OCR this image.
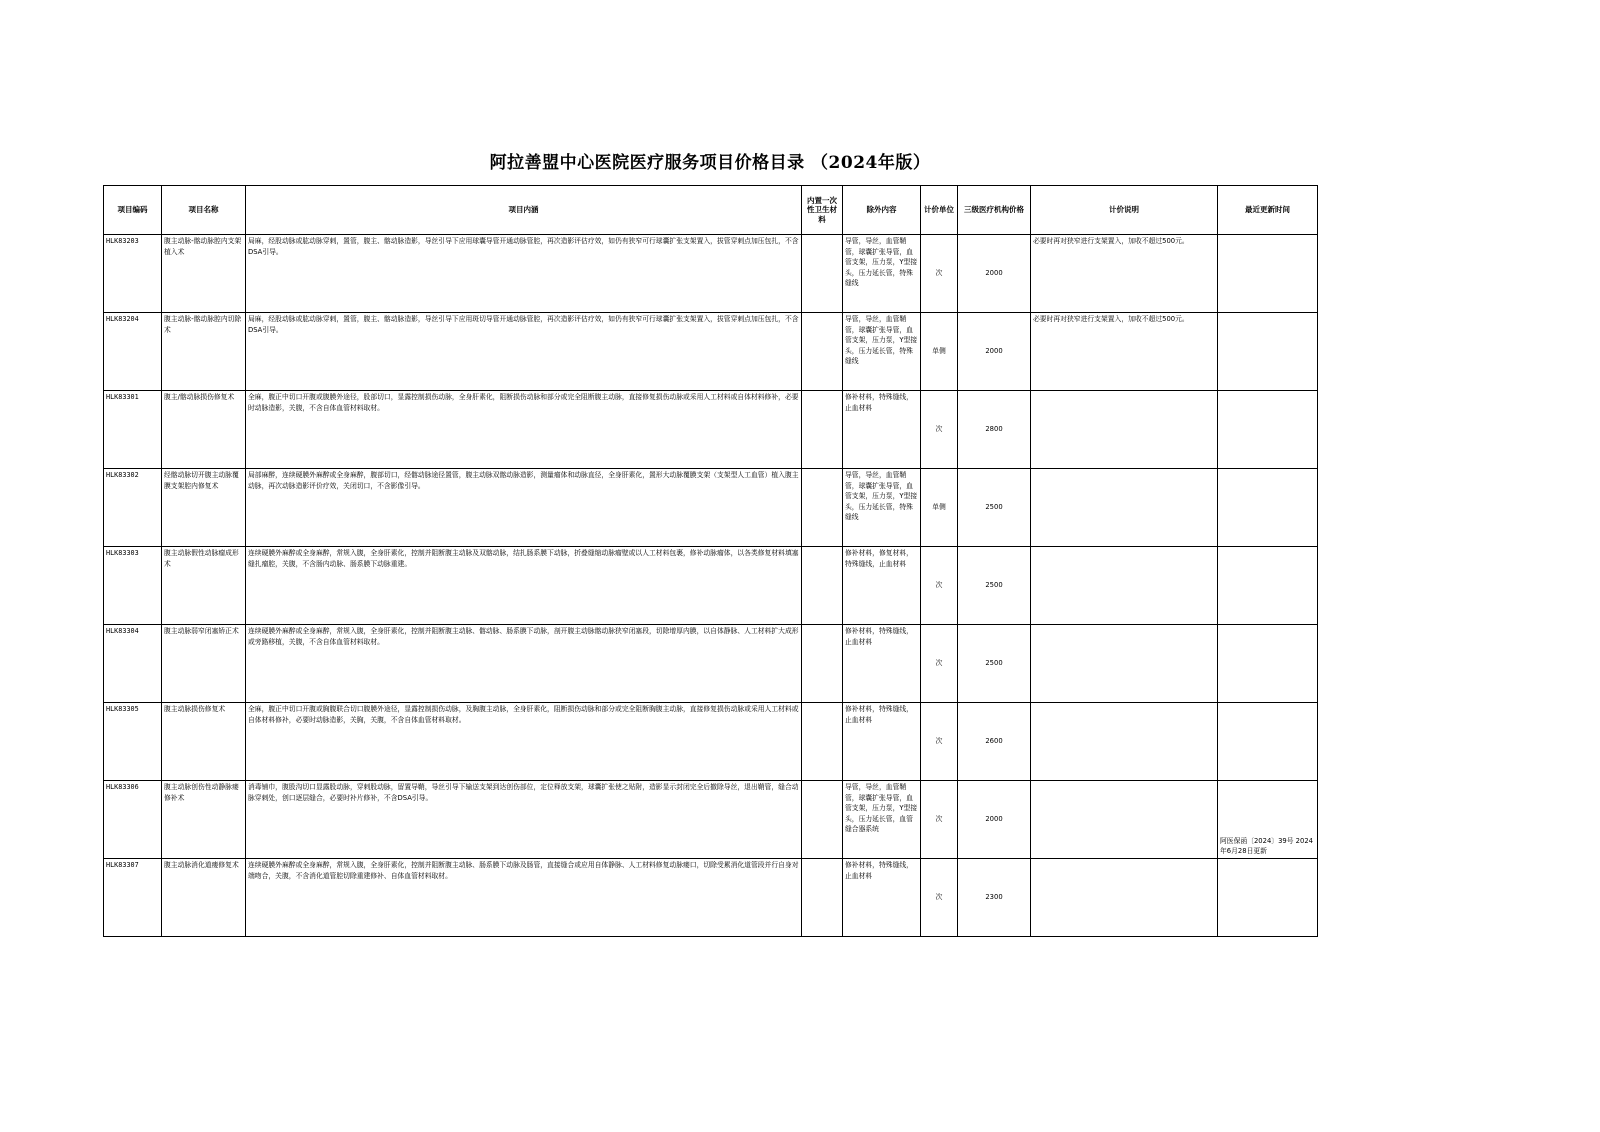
阿拉善盟中心医院医疗服务项目价格目录 （2024年版）
项目编码	项目名称	项目内涵	内置一次性卫生材料	除外内容	计价单位	三级医疗机构价格	计价说明	最近更新时间
HLK83203	腹主动脉-髂动脉腔内支架植入术	局麻，经股动脉或肱动脉穿刺，置管，腹主、髂动脉造影，导丝引导下应用球囊导管开通动脉管腔，再次造影评估疗效，如仍有狭窄可行球囊扩张支架置入，拔管穿刺点加压包扎，不含DSA引导。		导管，导丝，血管鞘管，球囊扩张导管，血管支架，压力泵，Y型接头，压力延长管，特殊缝线	次	2000	必要时再对狭窄进行支架置入，加收不超过500元。	
HLK83204	腹主动脉-髂动脉腔内切除术	局麻，经股动脉或肱动脉穿刺，置管，腹主、髂动脉造影，导丝引导下应用斑切导管开通动脉管腔，再次造影评估疗效，如仍有狭窄可行球囊扩张支架置入，拔管穿刺点加压包扎，不含DSA引导。		导管，导丝，血管鞘管，球囊扩张导管，血管支架，压力泵，Y型接头，压力延长管，特殊缝线	单侧	2000	必要时再对狭窄进行支架置入，加收不超过500元。	
HLK83301	腹主/髂动脉损伤修复术	全麻，腹正中切口开腹或腹膜外途径，股部切口，显露控制损伤动脉，全身肝素化，阻断损伤动脉和部分或完全阻断腹主动脉，直接修复损伤动脉或采用人工材料或自体材料修补，必要时动脉造影，关腹，不含自体血管材料取材。		修补材料，特殊缝线，止血材料	次	2800		
HLK83302	经髂动脉切开腹主动脉覆膜支架腔内修复术	局部麻醉，连续硬膜外麻醉或全身麻醉，腹部切口，经髂动脉途径置管，腹主动脉双髂动脉造影，测量瘤体和动脉直径，全身肝素化，置形大动脉覆膜支架（支架型人工血管）植入腹主动脉，再次动脉造影评价疗效，关闭切口，不含影像引导。		导管，导丝，血管鞘管，球囊扩张导管，血管支架，压力泵，Y型接头，压力延长管，特殊缝线	单侧	2500		
HLK83303	腹主动脉假性动脉瘤成形术	连续硬膜外麻醉或全身麻醉，常规入腹，全身肝素化，控制并阻断腹主动脉及双髂动脉，结扎肠系膜下动脉，折叠缝缩动脉瘤壁或以人工材料包裹，修补动脉瘤体，以各类修复材料填塞缝扎瘤腔，关腹，不含肠内动脉、肠系膜下动脉重建。		修补材料，修复材料，特殊缝线，止血材料	次	2500		
HLK83304	腹主动脉弱窄闭塞矫正术	连续硬膜外麻醉或全身麻醉，常规入腹，全身肝素化，控制并阻断腹主动脉、髂动脉、肠系膜下动脉，剖开腹主动脉髂动脉狭窄闭塞段，切除增厚内膜，以自体静脉、人工材料扩大成形或旁路移植，关腹，不含自体血管材料取材。		修补材料，特殊缝线，止血材料	次	2500		
HLK83305	腹主动脉损伤修复术	全麻，腹正中切口开腹或胸腹联合切口腹膜外途径，显露控制损伤动脉，及胸腹主动脉，全身肝素化，阻断损伤动脉和部分或完全阻断胸腹主动脉，直接修复损伤动脉或采用人工材料或自体材料修补，必要时动脉造影，关胸，关腹，不含自体血管材料取材。		修补材料，特殊缝线，止血材料	次	2600		
HLK83306	腹主动脉创伤性动静脉瘘修补术	消毒铺巾，腹股沟切口显露股动脉，穿刺股动脉，留置导鞘，导丝引导下输送支架到达创伤部位，定位释放支架，球囊扩张使之贴附，造影显示封闭完全后撤除导丝，退出鞘管，缝合动脉穿刺处，创口逐层缝合，必要时补片修补，不含DSA引导。		导管，导丝，血管鞘管，球囊扩张导管，血管支架，压力泵，Y型接头，压力延长管，血管缝合器系统	次	2000		阿医保函〔2024〕39号 2024年6月28日更新
HLK83307	腹主动脉消化道瘘修复术	连续硬膜外麻醉或全身麻醉，常规入腹，全身肝素化，控制并阻断腹主动脉、肠系膜下动脉及肠管，直接缝合或应用自体静脉、人工材料修复动脉瘘口，切除受累消化道管段并行自身对端吻合，关腹，不含消化道管腔切除重建修补、自体血管材料取材。		修补材料，特殊缝线，止血材料	次	2300		
